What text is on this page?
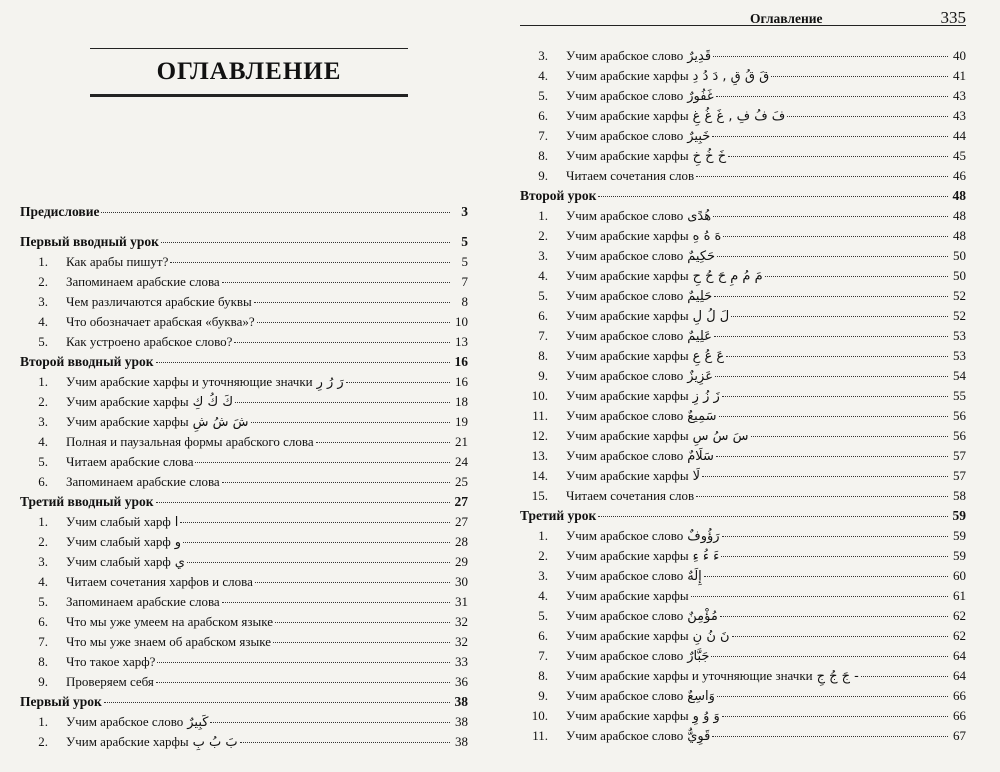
ОГЛАВЛЕНИЕ
Предисловие	3
Первый вводный урок	5
1.	Как арабы пишут?	5
2.	Запоминаем арабские слова	7
3.	Чем различаются арабские буквы	8
4.	Что обозначает арабская «буква»?	10
5.	Как устроено арабское слово?	13
Второй вводный урок	16
1.	Учим арабские харфы и уточняющие значки رَ رُ رِ	16
2.	Учим арабские харфы كَ كُ كِ	18
3.	Учим арабские харфы شَ شُ شِ	19
4.	Полная и паузальная формы арабского слова	21
5.	Читаем арабские слова	24
6.	Запоминаем арабские слова	25
Третий вводный урок	27
1.	Учим слабый харф ا	27
2.	Учим слабый харф و	28
3.	Учим слабый харф ي	29
4.	Читаем сочетания харфов и слова	30
5.	Запоминаем арабские слова	31
6.	Что мы уже умеем на арабском языке	32
7.	Что мы уже знаем об арабском языке	32
8.	Что такое харф?	33
9.	Проверяем себя	36
Первый урок	38
1.	Учим арабское слово كَبِيرٌ	38
2.	Учим арабские харфы بَ بُ بِ	38
Оглавление	335
3.	Учим арабское слово قَدِيرٌ	40
4.	Учим арабские харфы قَ قُ قِ , دَ دُ دِ	41
5.	Учим арабское слово غَفُورٌ	43
6.	Учим арабские харфы فَ فُ فِ , غَ غُ غِ	43
7.	Учим арабское слово خَبِيرٌ	44
8.	Учим арабские харфы خَ خُ خِ	45
9.	Читаем сочетания слов	46
Второй урок	48
1.	Учим арабское слово هُدًى	48
2.	Учим арабские харфы هَ هُ هِ	48
3.	Учим арабское слово حَكِيمٌ	50
4.	Учим арабские харфы مَ مُ مِ حَ حُ حِ	50
5.	Учим арабское слово حَلِيمٌ	52
6.	Учим арабские харфы لَ لُ لِ	52
7.	Учим арабское слово عَلِيمٌ	53
8.	Учим арабские харфы عَ عُ عِ	53
9.	Учим арабское слово عَزِيزٌ	54
10.	Учим арабские харфы زَ زُ زِ	55
11.	Учим арабское слово سَمِيعٌ	56
12.	Учим арабские харфы سَ سُ سِ	56
13.	Учим арабское слово سَلَامٌ	57
14.	Учим арабские харфы لَا	57
15.	Читаем сочетания слов	58
Третий урок	59
1.	Учим арабское слово رَؤُوفٌ	59
2.	Учим арабские харфы ءَ ءُ ءِ	59
3.	Учим арабское слово إِلَهٌ	60
4.	Учим арабские харфы	61
5.	Учим арабское слово مُؤْمِنٌ	62
6.	Учим арабские харфы نَ نُ نِ	62
7.	Учим арабское слово جَبَّارٌ	64
8.	Учим арабские харфы и уточняющие значки - جَ جُ جِ	64
9.	Учим арабское слово وَاسِعٌ	66
10.	Учим арабские харфы وَ وُ وِ	66
11.	Учим арабское слово قَوِيٌّ	67
